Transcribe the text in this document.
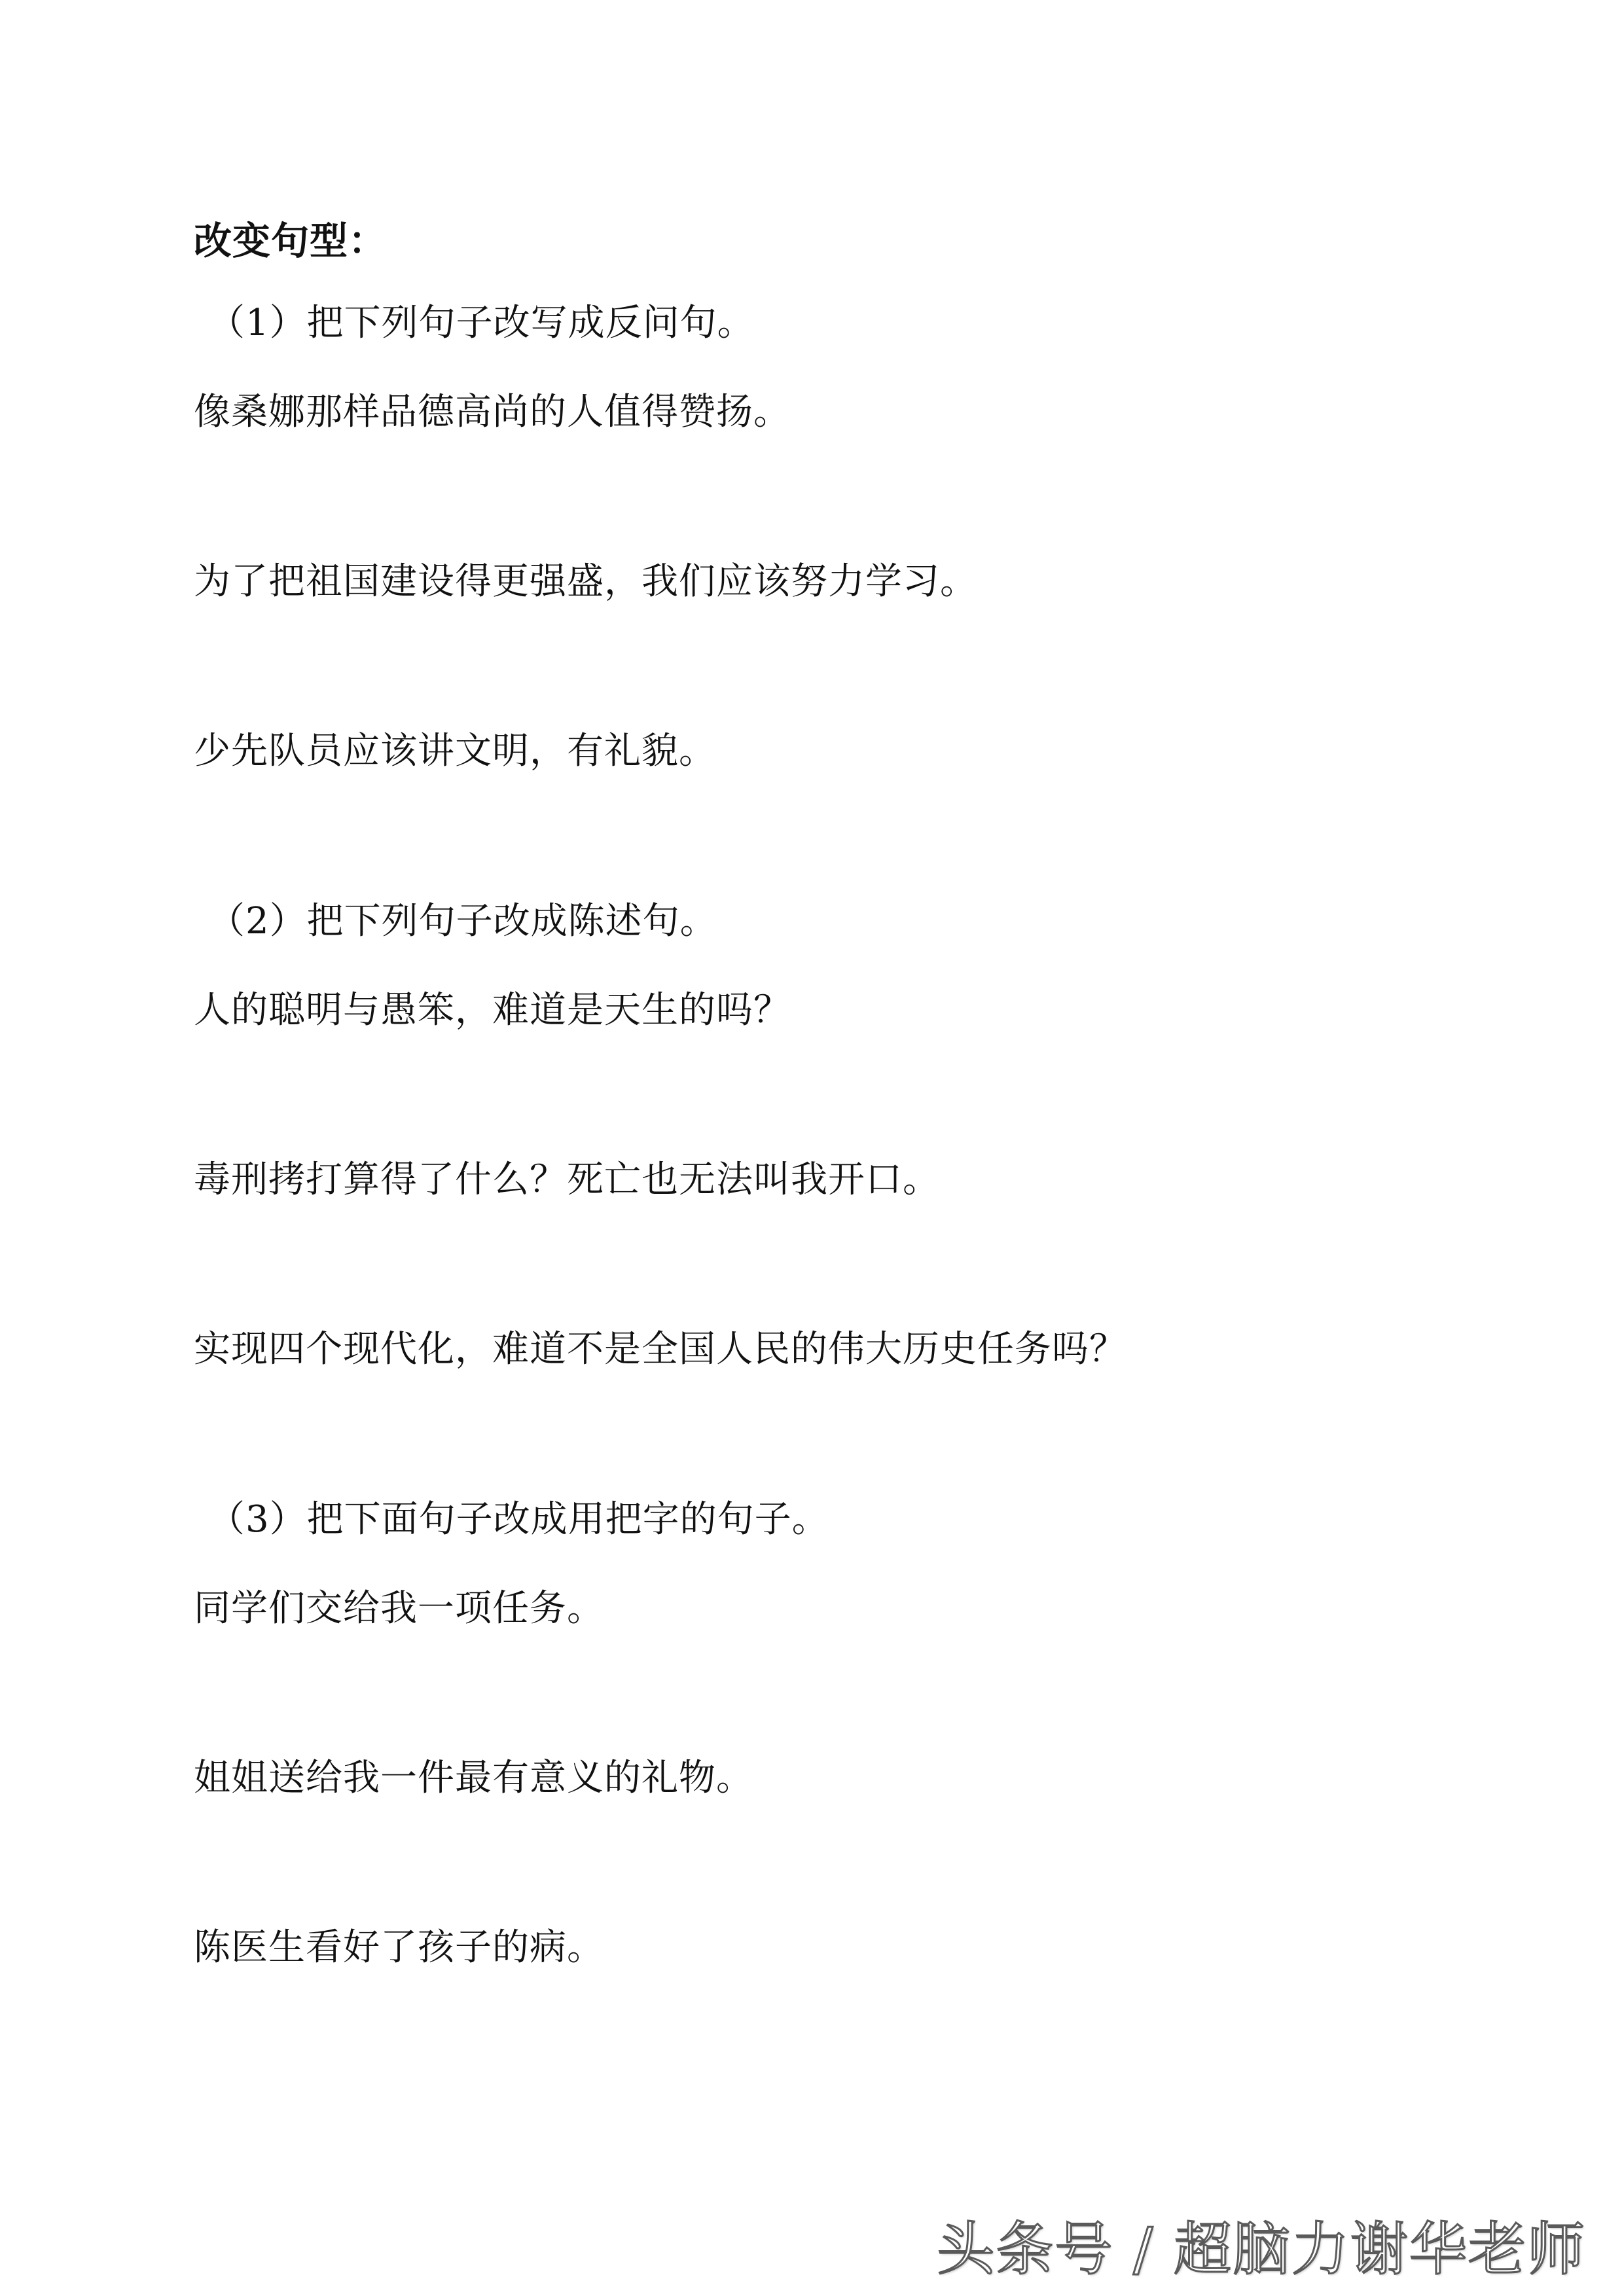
改变句型：
（1）把下列句子改写成反问句。
像桑娜那样品德高尚的人值得赞扬。
为了把祖国建设得更强盛，我们应该努力学习。
少先队员应该讲文明，有礼貌。
（2）把下列句子改成陈述句。
人的聪明与愚笨，难道是天生的吗？
毒刑拷打算得了什么？死亡也无法叫我开口。
实现四个现代化，难道不是全国人民的伟大历史任务吗？
（3）把下面句子改成用把字的句子。
同学们交给我一项任务。
姐姐送给我一件最有意义的礼物。
陈医生看好了孩子的病。
头条号 / 超脑力谢华老师
